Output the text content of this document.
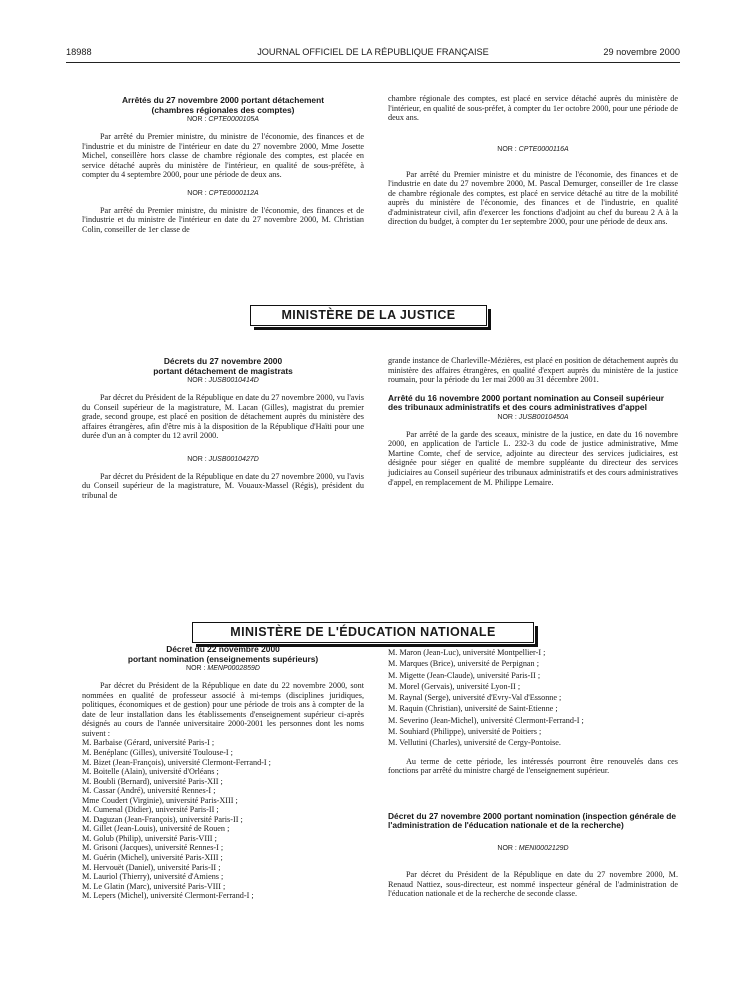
18988	JOURNAL OFFICIEL DE LA RÉPUBLIQUE FRANÇAISE	29 novembre 2000

Arrêtés du 27 novembre 2000 portant détachement
(chambres régionales des comptes)

NOR : CPTE0000105A

Par arrêté du Premier ministre, du ministre de l'économie, des finances et de l'industrie et du ministre de l'intérieur en date du 27 novembre 2000, Mme Josette Michel, conseillère hors classe de chambre régionale des comptes, est placée en service détaché auprès du ministère de l'intérieur, en qualité de sous-préfète, à compter du 4 septembre 2000, pour une période de deux ans.

NOR : CPTE0000112A

Par arrêté du Premier ministre, du ministre de l'économie, des finances et de l'industrie et du ministre de l'intérieur en date du 27 novembre 2000, M. Christian Colin, conseiller de 1er classe de

chambre régionale des comptes, est placé en service détaché auprès du ministère de l'intérieur, en qualité de sous-préfet, à compter du 1er octobre 2000, pour une période de deux ans.

NOR : CPTE0000116A

Par arrêté du Premier ministre et du ministre de l'économie, des finances et de l'industrie en date du 27 novembre 2000, M. Pascal Demurger, conseiller de 1re classe de chambre régionale des comptes, est placé en service détaché au titre de la mobilité auprès du ministère de l'économie, des finances et de l'industrie, en qualité d'administrateur civil, afin d'exercer les fonctions d'adjoint au chef du bureau 2 A à la direction du budget, à compter du 1er septembre 2000, pour une période de deux ans.

MINISTÈRE DE LA JUSTICE

Décrets du 27 novembre 2000
portant détachement de magistrats

NOR : JUSB0010414D

Par décret du Président de la République en date du 27 novembre 2000, vu l'avis du Conseil supérieur de la magistrature, M. Lacan (Gilles), magistrat du premier grade, second groupe, est placé en position de détachement auprès du ministère des affaires étrangères, afin d'être mis à la disposition de la République d'Haïti pour une durée d'un an à compter du 12 avril 2000.

NOR : JUSB0010427D

Par décret du Président de la République en date du 27 novembre 2000, vu l'avis du Conseil supérieur de la magistrature, M. Vouaux-Massel (Régis), président du tribunal de

grande instance de Charleville-Mézières, est placé en position de détachement auprès du ministère des affaires étrangères, en qualité d'expert auprès du ministère de la justice roumain, pour la période du 1er mai 2000 au 31 décembre 2001.

Arrêté du 16 novembre 2000 portant nomination au Conseil supérieur des tribunaux administratifs et des cours administratives d'appel

NOR : JUSB0010450A

Par arrêté de la garde des sceaux, ministre de la justice, en date du 16 novembre 2000, en application de l'article L. 232-3 du code de justice administrative, Mme Martine Comte, chef de service, adjointe au directeur des services judiciaires, est désignée pour siéger en qualité de membre suppléante du directeur des services judiciaires au Conseil supérieur des tribunaux administratifs et des cours administratives d'appel, en remplacement de M. Philippe Lemaire.

MINISTÈRE DE L'ÉDUCATION NATIONALE

Décret du 22 novembre 2000
portant nomination (enseignements supérieurs)

NOR : MENP0002859D

Par décret du Président de la République en date du 22 novembre 2000, sont nommées en qualité de professeur associé à mi-temps (disciplines juridiques, politiques, économiques et de gestion) pour une période de trois ans à compter de la date de leur installation dans les établissements d'enseignement supérieur ci-après désignés au cours de l'année universitaire 2000-2001 les personnes dont les noms suivent :

M. Barbaise (Gérard, université Paris-I ;
M. Benéplanc (Gilles), université Toulouse-I ;
M. Bizet (Jean-François), université Clermont-Ferrand-I ;
M. Boitelle (Alain), université d'Orléans ;
M. Boubli (Bernard), université Paris-XII ;
M. Cassar (André), université Rennes-I ;
Mme Coudert (Virginie), université Paris-XIII ;
M. Cumenal (Didier), université Paris-II ;
M. Daguzan (Jean-François), université Paris-II ;
M. Gillet (Jean-Louis), université de Rouen ;
M. Golub (Philip), université Paris-VIII ;
M. Grisoni (Jacques), université Rennes-I ;
M. Guérin (Michel), université Paris-XIII ;
M. Hervouët (Daniel), université Paris-II ;
M. Lauriol (Thierry), université d'Amiens ;
M. Le Glatin (Marc), université Paris-VIII ;
M. Lepers (Michel), université Clermont-Ferrand-I ;
M. Maron (Jean-Luc), université Montpellier-I ;
M. Marques (Brice), université de Perpignan ;
M. Migette (Jean-Claude), université Paris-II ;
M. Morel (Gervais), université Lyon-II ;
M. Raynal (Serge), université d'Evry-Val d'Essonne ;
M. Raquin (Christian), université de Saint-Etienne ;
M. Severino (Jean-Michel), université Clermont-Ferrand-I ;
M. Souhiard (Philippe), université de Poitiers ;
M. Vellutini (Charles), université de Cergy-Pontoise.

Au terme de cette période, les intéressés pourront être renouvelés dans ces fonctions par arrêté du ministre chargé de l'enseignement supérieur.

Décret du 27 novembre 2000 portant nomination (inspection générale de l'administration de l'éducation nationale et de la recherche)

NOR : MENI0002129D

Par décret du Président de la République en date du 27 novembre 2000, M. Renaud Nattiez, sous-directeur, est nommé inspecteur général de l'administration de l'éducation nationale et de la recherche de seconde classe.
